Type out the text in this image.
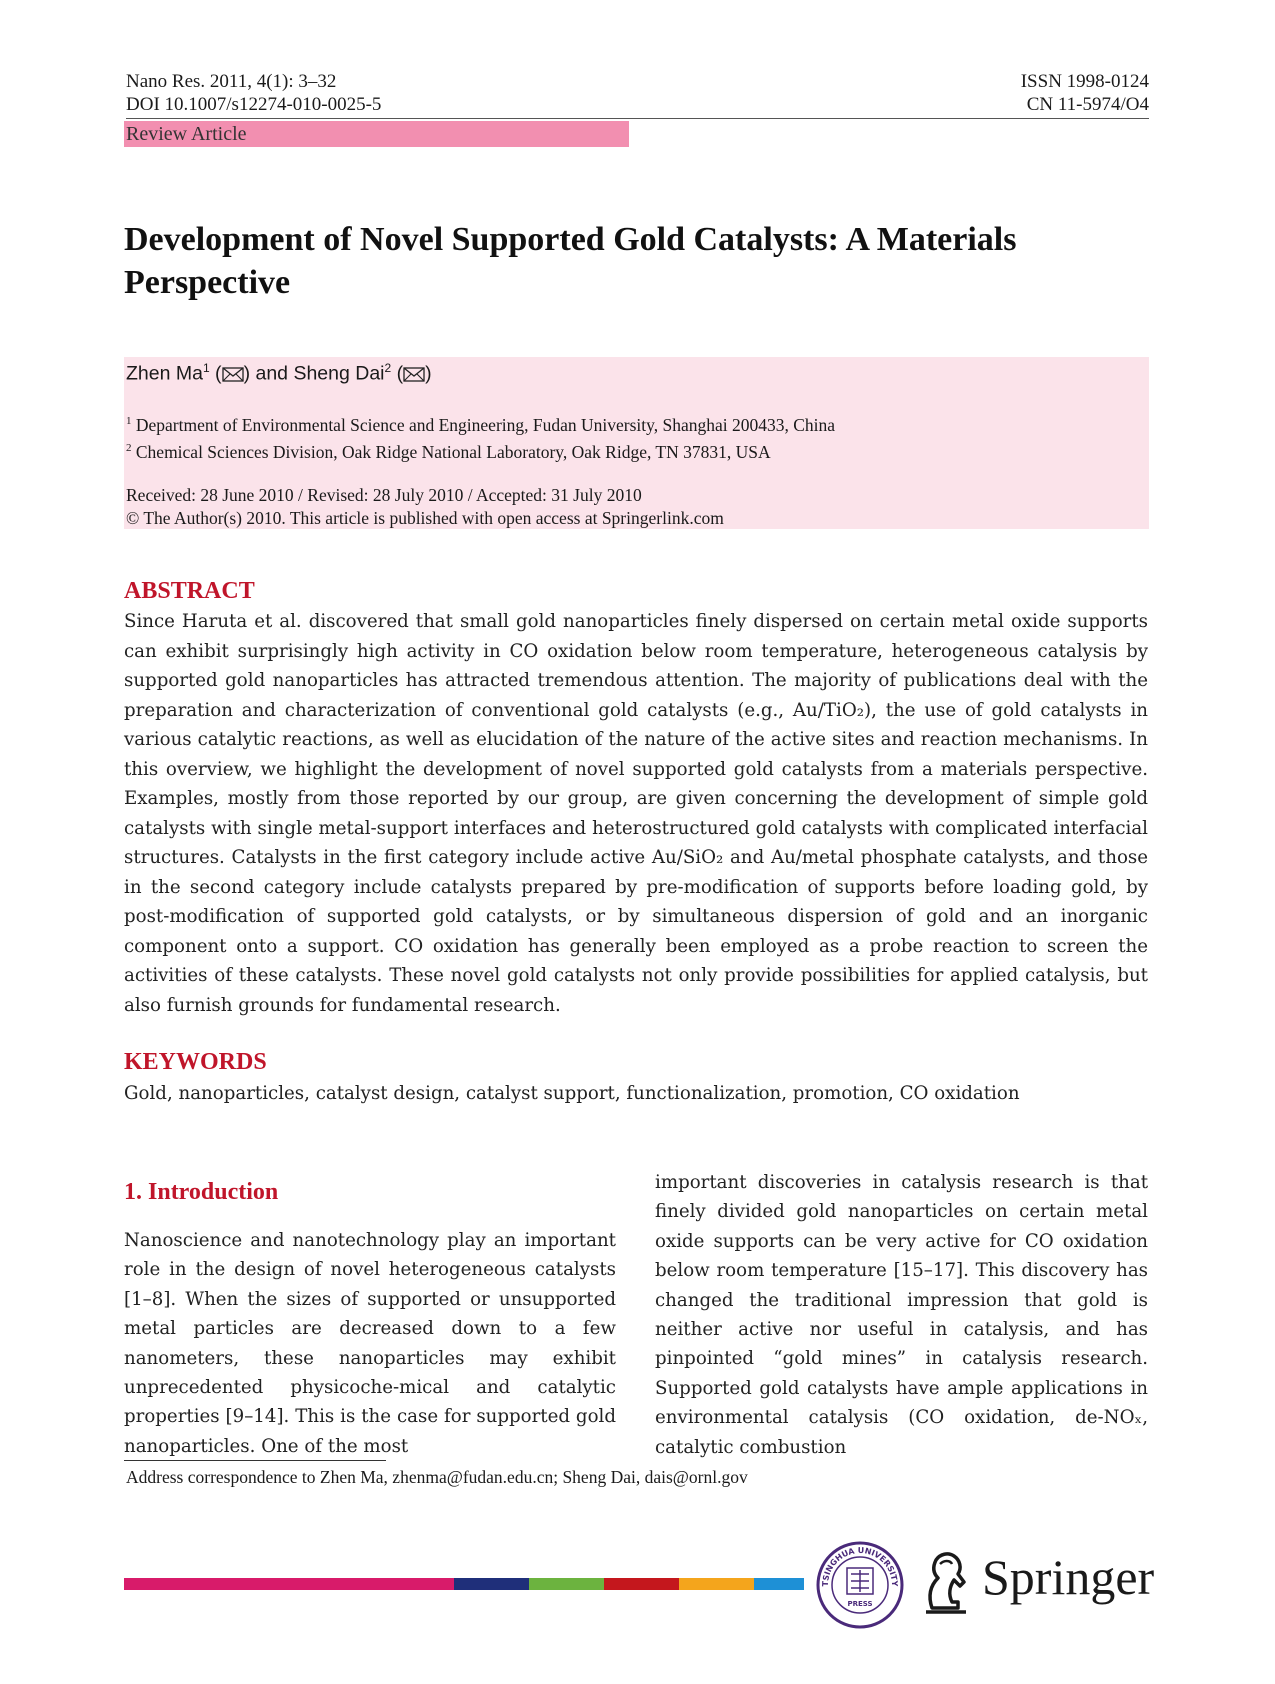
Nano Res. 2011, 4(1): 3–32
DOI 10.1007/s12274-010-0025-5
ISSN 1998-0124
CN 11-5974/O4
Review Article
Development of Novel Supported Gold Catalysts: A Materials Perspective
Zhen Ma$^1$ ( ) and Sheng Dai$^2$ ( )
$^1$ Department of Environmental Science and Engineering, Fudan University, Shanghai 200433, China
$^2$ Chemical Sciences Division, Oak Ridge National Laboratory, Oak Ridge, TN 37831, USA
Received: 28 June 2010 / Revised: 28 July 2010 / Accepted: 31 July 2010
© The Author(s) 2010. This article is published with open access at Springerlink.com
ABSTRACT
Since Haruta et al. discovered that small gold nanoparticles finely dispersed on certain metal oxide supports can exhibit surprisingly high activity in CO oxidation below room temperature, heterogeneous catalysis by supported gold nanoparticles has attracted tremendous attention. The majority of publications deal with the preparation and characterization of conventional gold catalysts (e.g., Au/TiO₂), the use of gold catalysts in various catalytic reactions, as well as elucidation of the nature of the active sites and reaction mechanisms. In this overview, we highlight the development of novel supported gold catalysts from a materials perspective. Examples, mostly from those reported by our group, are given concerning the development of simple gold catalysts with single metal-support interfaces and heterostructured gold catalysts with complicated interfacial structures. Catalysts in the first category include active Au/SiO₂ and Au/metal phosphate catalysts, and those in the second category include catalysts prepared by pre-modification of supports before loading gold, by post-modification of supported gold catalysts, or by simultaneous dispersion of gold and an inorganic component onto a support. CO oxidation has generally been employed as a probe reaction to screen the activities of these catalysts. These novel gold catalysts not only provide possibilities for applied catalysis, but also furnish grounds for fundamental research.
KEYWORDS
Gold, nanoparticles, catalyst design, catalyst support, functionalization, promotion, CO oxidation
1. Introduction
Nanoscience and nanotechnology play an important role in the design of novel heterogeneous catalysts [1–8]. When the sizes of supported or unsupported metal particles are decreased down to a few nanometers, these nanoparticles may exhibit unprecedented physicoche-mical and catalytic properties [9–14]. This is the case for supported gold nanoparticles. One of the most
important discoveries in catalysis research is that finely divided gold nanoparticles on certain metal oxide supports can be very active for CO oxidation below room temperature [15–17]. This discovery has changed the traditional impression that gold is neither active nor useful in catalysis, and has pinpointed “gold mines” in catalysis research. Supported gold catalysts have ample applications in environmental catalysis (CO oxidation, de-NOₓ, catalytic combustion
Address correspondence to Zhen Ma, zhenma@fudan.edu.cn; Sheng Dai, dais@ornl.gov
TSINGHUA UNIVERSITY
PRESS Springer
